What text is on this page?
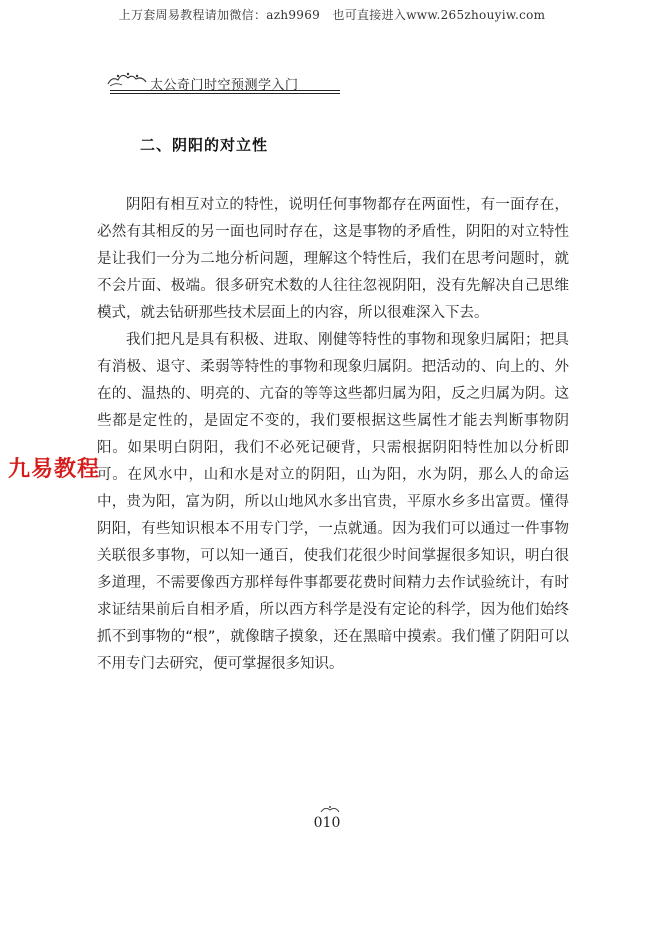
上万套周易教程请加微信：azh9969　也可直接进入www.265zhouyiw.com
太公奇门时空预测学入门
二、阴阳的对立性

阴阳有相互对立的特性，说明任何事物都存在两面性，有一面存在，必然有其相反的另一面也同时存在，这是事物的矛盾性，阴阳的对立特性是让我们一分为二地分析问题，理解这个特性后，我们在思考问题时，就不会片面、极端。很多研究术数的人往往忽视阴阳，没有先解决自己思维模式，就去钻研那些技术层面上的内容，所以很难深入下去。

我们把凡是具有积极、进取、刚健等特性的事物和现象归属阳；把具有消极、退守、柔弱等特性的事物和现象归属阴。把活动的、向上的、外在的、温热的、明亮的、亢奋的等等这些都归属为阳，反之归属为阴。这些都是定性的，是固定不变的，我们要根据这些属性才能去判断事物阴阳。如果明白阴阳，我们不必死记硬背，只需根据阴阳特性加以分析即可。在风水中，山和水是对立的阴阳，山为阳，水为阴，那么人的命运中，贵为阳，富为阴，所以山地风水多出官贵，平原水乡多出富贾。懂得阴阳，有些知识根本不用专门学，一点就通。因为我们可以通过一件事物关联很多事物，可以知一通百，使我们花很少时间掌握很多知识，明白很多道理，不需要像西方那样每件事都要花费时间精力去作试验统计，有时求证结果前后自相矛盾，所以西方科学是没有定论的科学，因为他们始终抓不到事物的“根”，就像瞎子摸象，还在黑暗中摸索。我们懂了阴阳可以不用专门去研究，便可掌握很多知识。

九易教程
010
